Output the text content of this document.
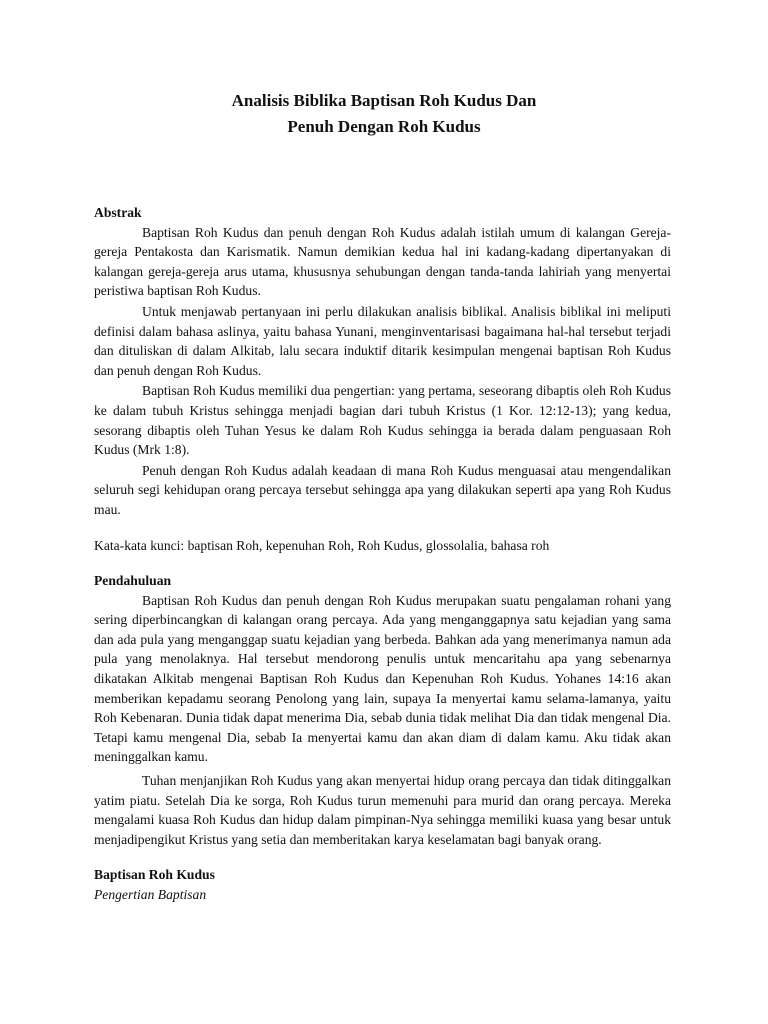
Analisis Biblika Baptisan Roh Kudus Dan
Penuh Dengan Roh Kudus

Abstrak

Baptisan Roh Kudus dan penuh dengan Roh Kudus adalah istilah umum di kalangan Gereja-gereja Pentakosta dan Karismatik. Namun demikian kedua hal ini kadang-kadang dipertanyakan di kalangan gereja-gereja arus utama, khususnya sehubungan dengan tanda-tanda lahiriah yang menyertai peristiwa baptisan Roh Kudus.

Untuk menjawab pertanyaan ini perlu dilakukan analisis biblikal. Analisis biblikal ini meliputi definisi dalam bahasa aslinya, yaitu bahasa Yunani, menginventarisasi bagaimana hal-hal tersebut terjadi dan dituliskan di dalam Alkitab, lalu secara induktif ditarik kesimpulan mengenai baptisan Roh Kudus dan penuh dengan Roh Kudus.

Baptisan Roh Kudus memiliki dua pengertian: yang pertama, seseorang dibaptis oleh Roh Kudus ke dalam tubuh Kristus sehingga menjadi bagian dari tubuh Kristus (1 Kor. 12:12-13); yang kedua, sesorang dibaptis oleh Tuhan Yesus ke dalam Roh Kudus sehingga ia berada dalam penguasaan Roh Kudus (Mrk 1:8).

Penuh dengan Roh Kudus adalah keadaan di mana Roh Kudus menguasai atau mengendalikan seluruh segi kehidupan orang percaya tersebut sehingga apa yang dilakukan seperti apa yang Roh Kudus mau.

Kata-kata kunci: baptisan Roh, kepenuhan Roh, Roh Kudus, glossolalia, bahasa roh

Pendahuluan

Baptisan Roh Kudus dan penuh dengan Roh Kudus merupakan suatu pengalaman rohani yang sering diperbincangkan di kalangan orang percaya. Ada yang menganggapnya satu kejadian yang sama dan ada pula yang menganggap suatu kejadian yang berbeda. Bahkan ada yang menerimanya namun ada pula yang menolaknya. Hal tersebut mendorong penulis untuk mencaritahu apa yang sebenarnya dikatakan Alkitab mengenai Baptisan Roh Kudus dan Kepenuhan Roh Kudus. Yohanes 14:16 akan memberikan kepadamu seorang Penolong yang lain, supaya Ia menyertai kamu selama-lamanya, yaitu Roh Kebenaran. Dunia tidak dapat menerima Dia, sebab dunia tidak melihat Dia dan tidak mengenal Dia. Tetapi kamu mengenal Dia, sebab Ia menyertai kamu dan akan diam di dalam kamu. Aku tidak akan meninggalkan kamu.

Tuhan menjanjikan Roh Kudus yang akan menyertai hidup orang percaya dan tidak ditinggalkan yatim piatu. Setelah Dia ke sorga, Roh Kudus turun memenuhi para murid dan orang percaya. Mereka mengalami kuasa Roh Kudus dan hidup dalam pimpinan-Nya sehingga memiliki kuasa yang besar untuk menjadipengikut Kristus yang setia dan memberitakan karya keselamatan bagi banyak orang.

Baptisan Roh Kudus

Pengertian Baptisan
